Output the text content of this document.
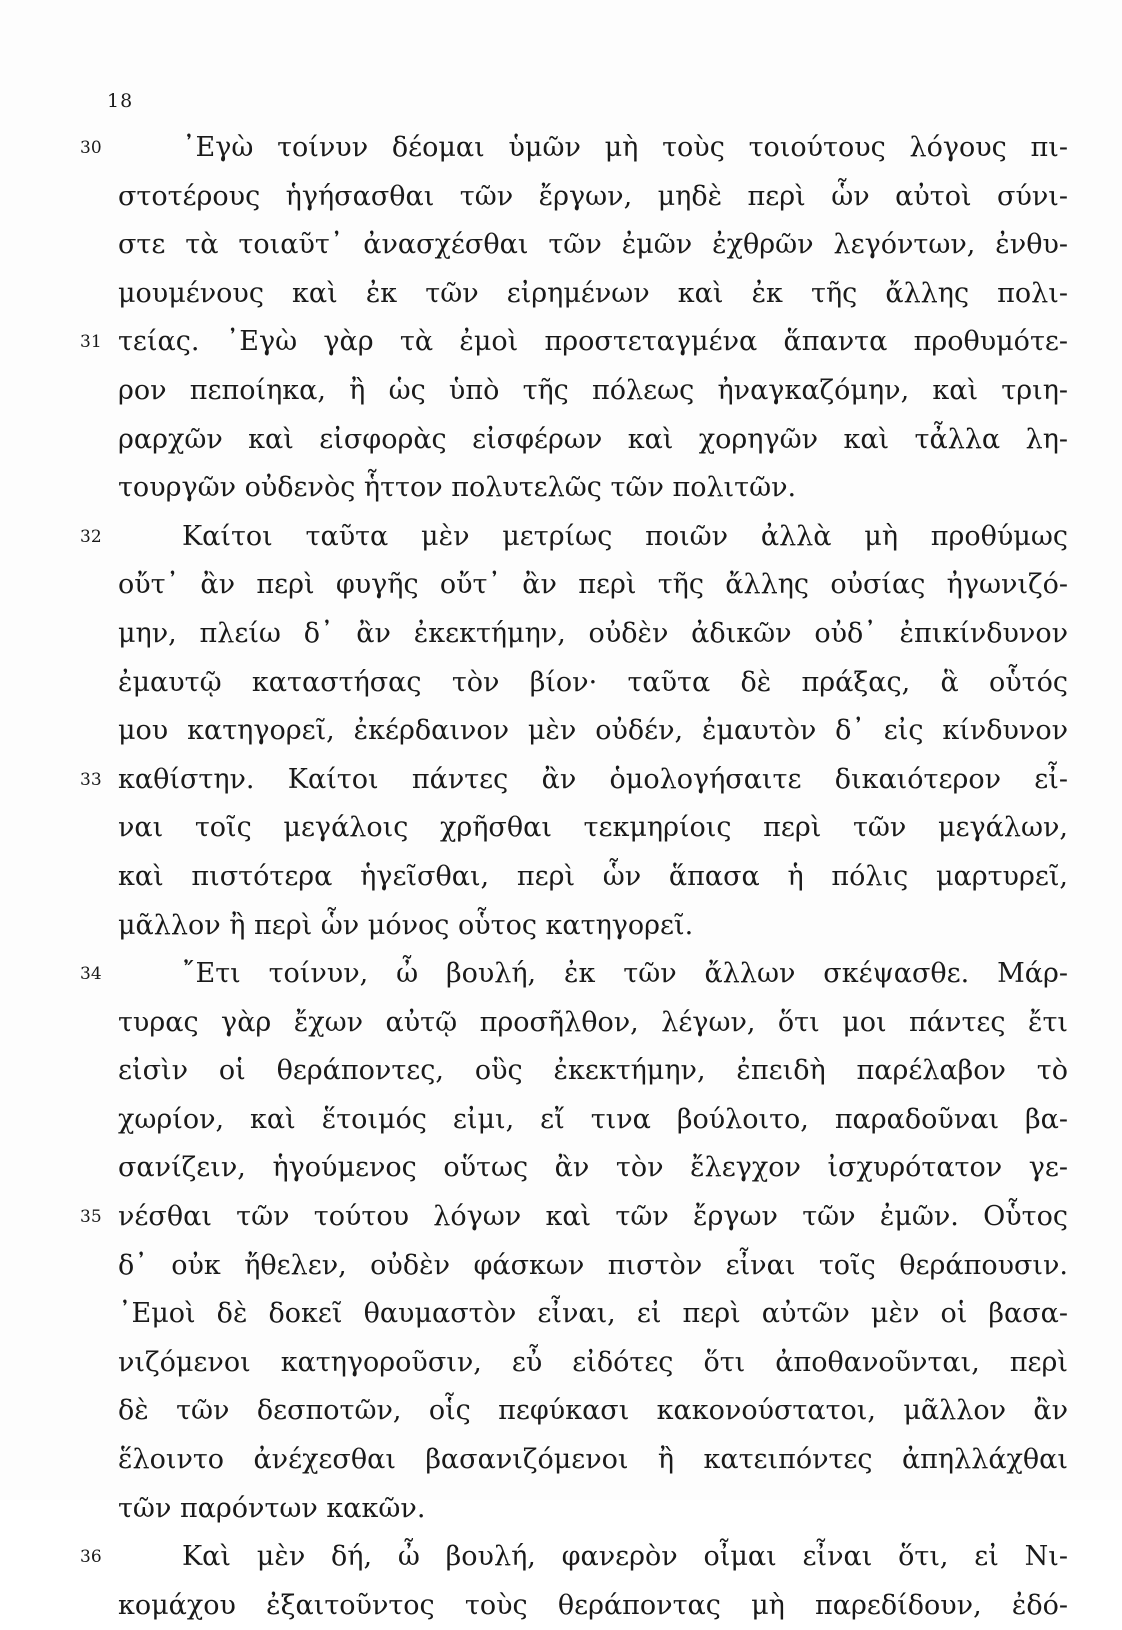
18
30	᾿Εγὼ τοίνυν δέομαι ὑμῶν μὴ τοὺς τοιούτους λόγους πι-
στοτέρους ἡγήσασθαι τῶν ἔργων, μηδὲ περὶ ὧν αὐτοὶ σύνι-
στε τὰ τοιαῦτ᾿ ἀνασχέσθαι τῶν ἐμῶν ἐχθρῶν λεγόντων, ἐνθυ-
μουμένους καὶ ἐκ τῶν εἰρημένων καὶ ἐκ τῆς ἄλλης πολι-
31 τείας. ᾿Εγὼ γὰρ τὰ ἐμοὶ προστεταγμένα ἅπαντα προθυμότε-
ρον πεποίηκα, ἢ ὡς ὑπὸ τῆς πόλεως ἠναγκαζόμην, καὶ τριη-
ραρχῶν καὶ εἰσφορὰς εἰσφέρων καὶ χορηγῶν καὶ τἆλλα λη-
τουργῶν οὐδενὸς ἧττον πολυτελῶς τῶν πολιτῶν.
32	Καίτοι ταῦτα μὲν μετρίως ποιῶν ἀλλὰ μὴ προθύμως
οὔτ᾿ ἂν περὶ φυγῆς οὔτ᾿ ἂν περὶ τῆς ἄλλης οὐσίας ἠγωνιζό-
μην, πλείω δ᾿ ἂν ἐκεκτήμην, οὐδὲν ἀδικῶν οὐδ᾿ ἐπικίνδυνον
ἐμαυτῷ καταστήσας τὸν βίον· ταῦτα δὲ πράξας, ἃ οὗτός
μου κατηγορεῖ, ἐκέρδαινον μὲν οὐδέν, ἐμαυτὸν δ᾿ εἰς κίνδυνον
33 καθίστην. Καίτοι πάντες ἂν ὁμολογήσαιτε δικαιότερον εἶ-
ναι τοῖς μεγάλοις χρῆσθαι τεκμηρίοις περὶ τῶν μεγάλων,
καὶ πιστότερα ἡγεῖσθαι, περὶ ὧν ἅπασα ἡ πόλις μαρτυρεῖ,
μᾶλλον ἢ περὶ ὧν μόνος οὗτος κατηγορεῖ.
34	῎Ετι τοίνυν, ὦ βουλή, ἐκ τῶν ἄλλων σκέψασθε. Μάρ-
τυρας γὰρ ἔχων αὐτῷ προσῆλθον, λέγων, ὅτι μοι πάντες ἔτι
εἰσὶν οἱ θεράποντες, οὓς ἐκεκτήμην, ἐπειδὴ παρέλαβον τὸ
χωρίον, καὶ ἕτοιμός εἰμι, εἴ τινα βούλοιτο, παραδοῦναι βα-
σανίζειν, ἡγούμενος οὕτως ἂν τὸν ἔλεγχον ἰσχυρότατον γε-
35 νέσθαι τῶν τούτου λόγων καὶ τῶν ἔργων τῶν ἐμῶν. Οὗτος
δ᾿ οὐκ ἤθελεν, οὐδὲν φάσκων πιστὸν εἶναι τοῖς θεράπουσιν.
᾿Εμοὶ δὲ δοκεῖ θαυμαστὸν εἶναι, εἰ περὶ αὐτῶν μὲν οἱ βασα-
νιζόμενοι κατηγοροῦσιν, εὖ εἰδότες ὅτι ἀποθανοῦνται, περὶ
δὲ τῶν δεσποτῶν, οἷς πεφύκασι κακονούστατοι, μᾶλλον ἂν
ἕλοιντο ἀνέχεσθαι βασανιζόμενοι ἢ κατειπόντες ἀπηλλάχθαι
τῶν παρόντων κακῶν.
36	Καὶ μὲν δή, ὦ βουλή, φανερὸν οἶμαι εἶναι ὅτι, εἰ Νι-
κομάχου ἐξαιτοῦντος τοὺς θεράποντας μὴ παρεδίδουν, ἐδό-
